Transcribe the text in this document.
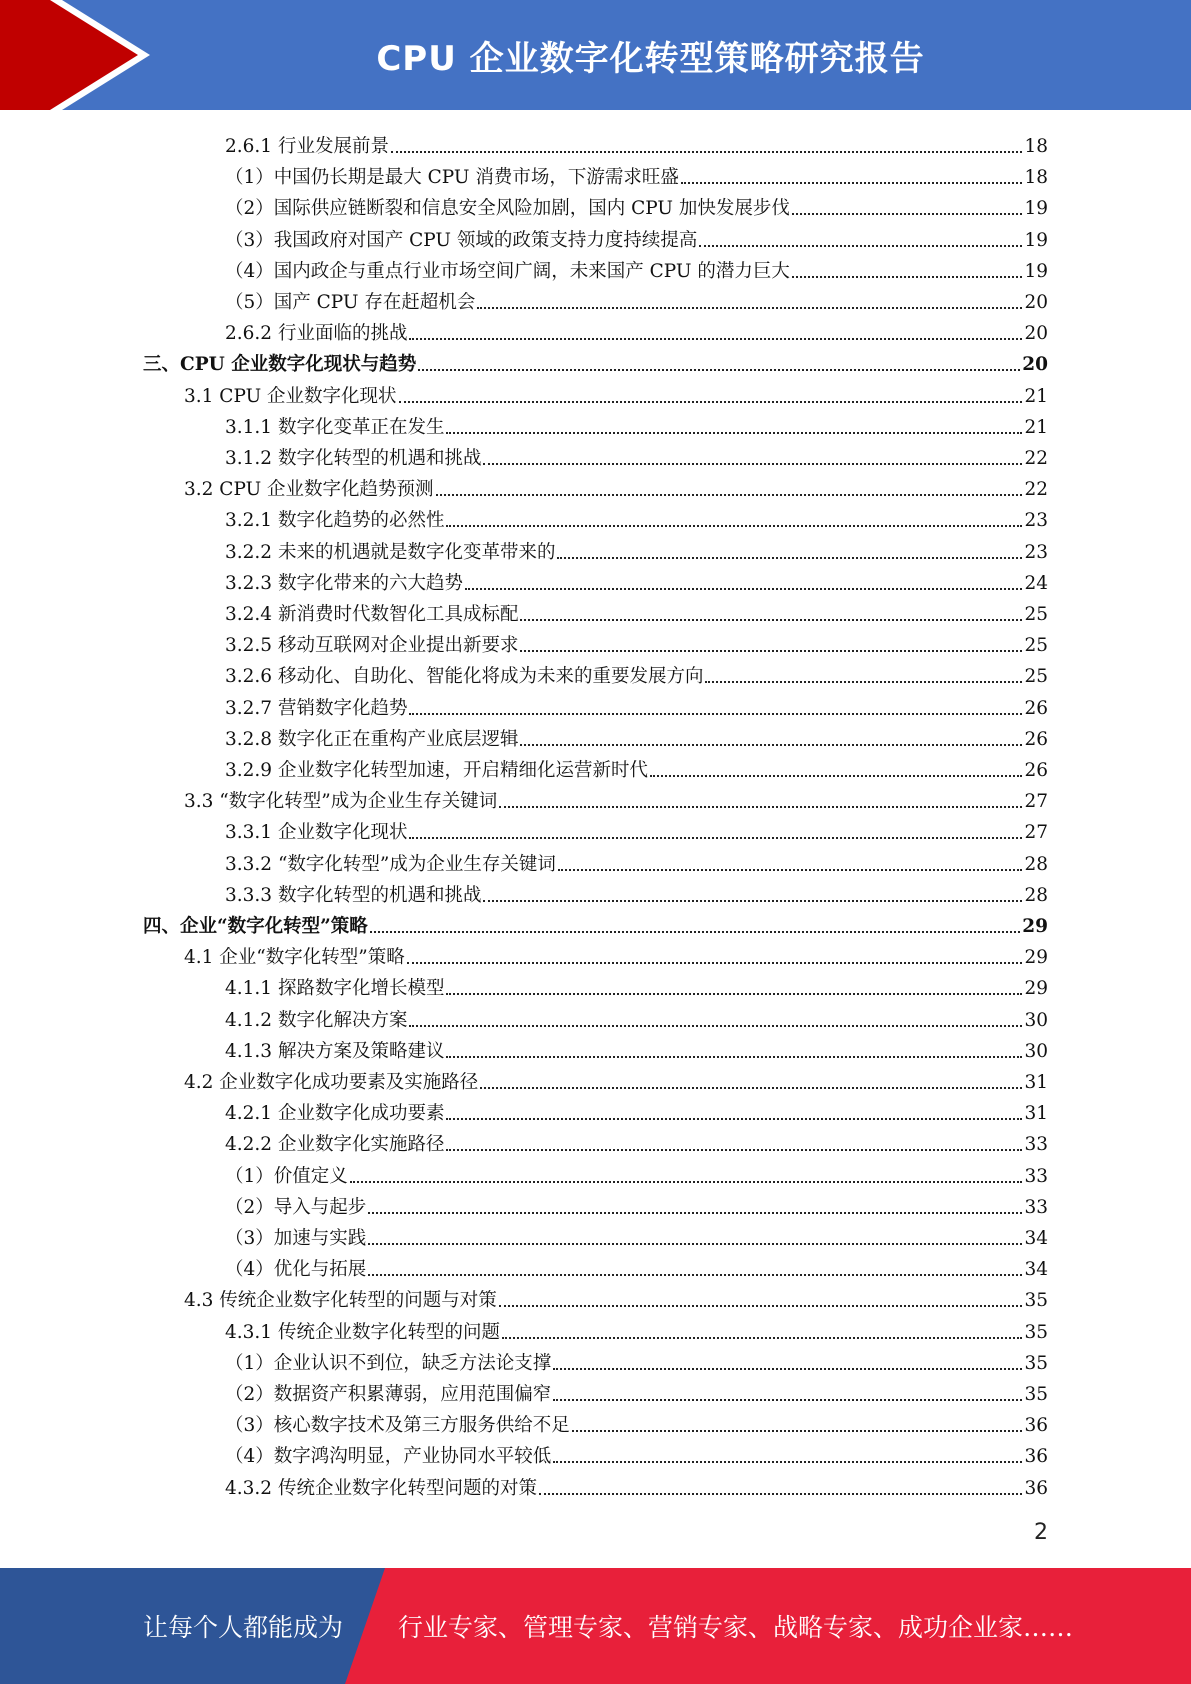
CPU 企业数字化转型策略研究报告
2.6.1 行业发展前景	18
（1）中国仍长期是最大 CPU 消费市场，下游需求旺盛	18
（2）国际供应链断裂和信息安全风险加剧，国内 CPU 加快发展步伐	19
（3）我国政府对国产 CPU 领域的政策支持力度持续提高	19
（4）国内政企与重点行业市场空间广阔，未来国产 CPU 的潜力巨大	19
（5）国产 CPU 存在赶超机会	20
2.6.2 行业面临的挑战	20
三、CPU 企业数字化现状与趋势	20
3.1 CPU 企业数字化现状	21
3.1.1 数字化变革正在发生	21
3.1.2 数字化转型的机遇和挑战	22
3.2 CPU 企业数字化趋势预测	22
3.2.1 数字化趋势的必然性	23
3.2.2 未来的机遇就是数字化变革带来的	23
3.2.3 数字化带来的六大趋势	24
3.2.4 新消费时代数智化工具成标配	25
3.2.5 移动互联网对企业提出新要求	25
3.2.6 移动化、自助化、智能化将成为未来的重要发展方向	25
3.2.7 营销数字化趋势	26
3.2.8 数字化正在重构产业底层逻辑	26
3.2.9 企业数字化转型加速，开启精细化运营新时代	26
3.3 “数字化转型”成为企业生存关键词	27
3.3.1 企业数字化现状	27
3.3.2 “数字化转型”成为企业生存关键词	28
3.3.3 数字化转型的机遇和挑战	28
四、企业“数字化转型”策略	29
4.1 企业“数字化转型”策略	29
4.1.1 探路数字化增长模型	29
4.1.2 数字化解决方案	30
4.1.3 解决方案及策略建议	30
4.2 企业数字化成功要素及实施路径	31
4.2.1 企业数字化成功要素	31
4.2.2 企业数字化实施路径	33
（1）价值定义	33
（2）导入与起步	33
（3）加速与实践	34
（4）优化与拓展	34
4.3 传统企业数字化转型的问题与对策	35
4.3.1 传统企业数字化转型的问题	35
（1）企业认识不到位，缺乏方法论支撑	35
（2）数据资产积累薄弱，应用范围偏窄	35
（3）核心数字技术及第三方服务供给不足	36
（4）数字鸿沟明显，产业协同水平较低	36
4.3.2 传统企业数字化转型问题的对策	36
2
让每个人都能成为 行业专家、管理专家、营销专家、战略专家、成功企业家……
